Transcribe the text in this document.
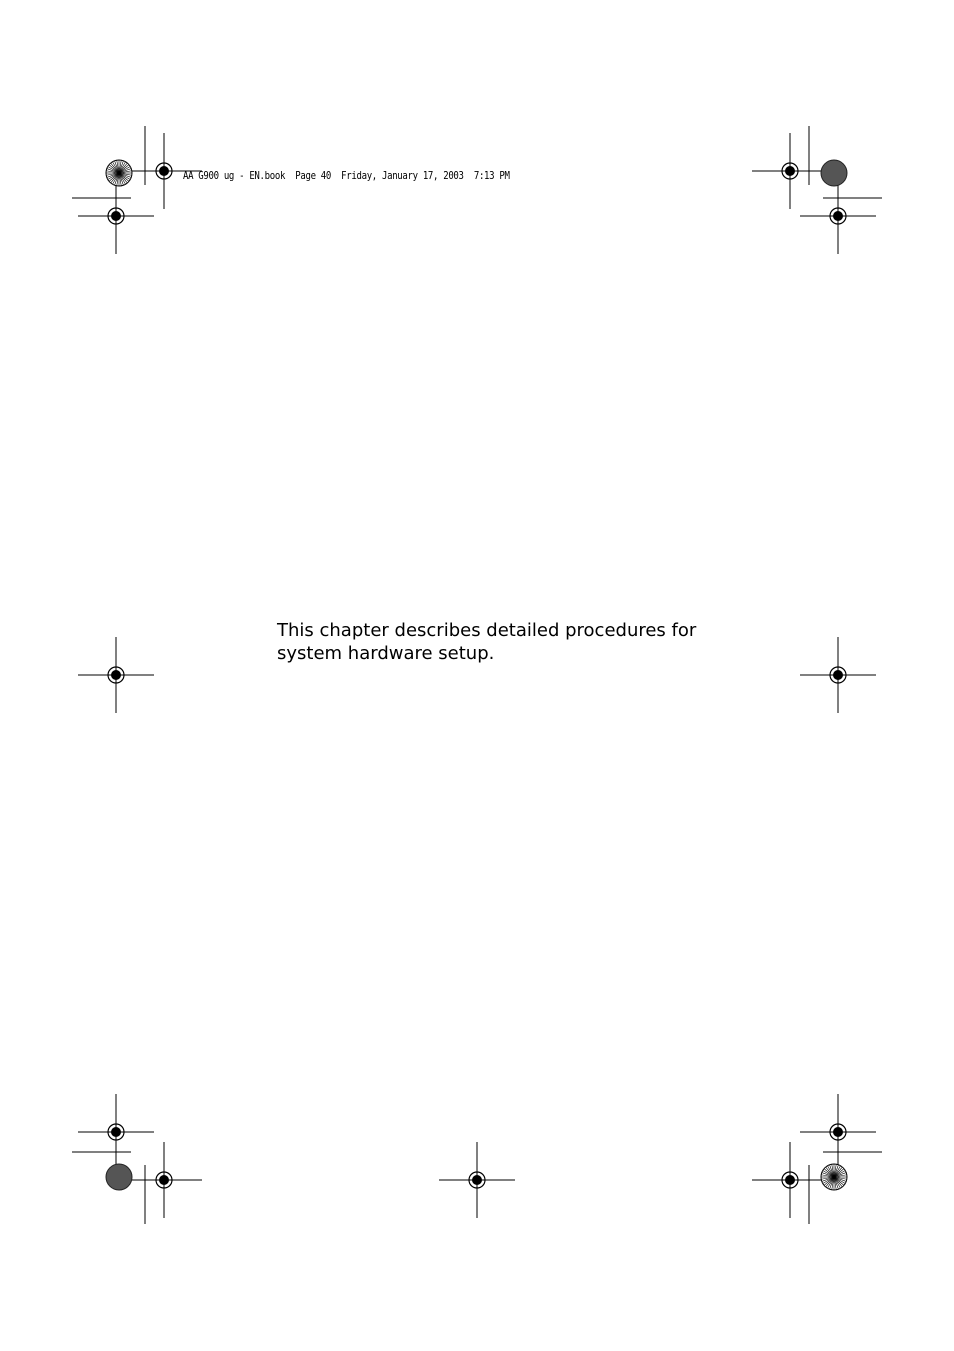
AA G900 ug - EN.book  Page 40  Friday, January 17, 2003  7:13 PM
This chapter describes detailed procedures for system hardware setup.
